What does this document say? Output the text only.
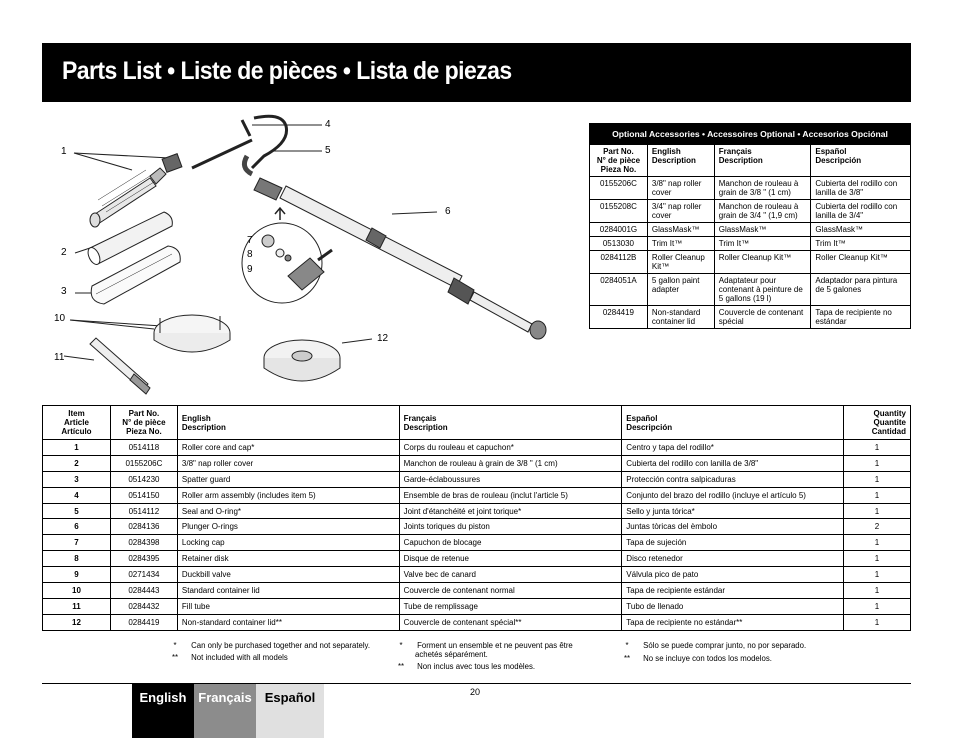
Parts List • Liste de pièces • Lista de piezas
1
2
3
4
5
6
7
8
9
10
11
12
Optional Accessories • Accessoires Optional • Accesorios Opciónal			
Part No.
N° de pièce
Pieza No.	English
Description	Français
Description	Español
Descripción
0155206C	3/8" nap roller cover	Manchon de rouleau à grain de 3/8 " (1 cm)	Cubierta del rodillo con lanilla de 3/8"
0155208C	3/4" nap roller cover	Manchon de rouleau à grain de 3/4 " (1,9 cm)	Cubierta del rodillo con lanilla de 3/4"
0284001G	GlassMask™	GlassMask™	GlassMask™
0513030	Trim It™	Trim It™	Trim It™
0284112B	Roller Cleanup Kit™	Roller Cleanup Kit™	Roller Cleanup Kit™
0284051A	5 gallon paint adapter	Adaptateur pour contenant à peinture de 5 gallons (19 l)	Adaptador para pintura de 5 galones
0284419	Non-standard container lid	Couvercle de contenant spécial	Tapa de recipiente no estándar
Item
Article
Artículo	Part No.
N° de pièce
Pieza No.	English
Description	Français
Description	Español
Descripción	Quantity
Quantite
Cantidad
1	0514118	Roller core and cap*	Corps du rouleau et capuchon*	Centro y tapa del rodillo*	1
2	0155206C	3/8" nap roller cover	Manchon de rouleau à grain de 3/8 " (1 cm)	Cubierta del rodillo con lanilla de 3/8"	1
3	0514230	Spatter guard	Garde-éclaboussures	Protección contra salpicaduras	1
4	0514150	Roller arm assembly (includes item 5)	Ensemble de bras de rouleau (inclut l'article 5)	Conjunto del brazo del rodillo (incluye el artículo 5)	1
5	0514112	Seal and O-ring*	Joint d'étanchéité et joint torique*	Sello y junta tórica*	1
6	0284136	Plunger O-rings	Joints toriques du piston	Juntas tòricas del èmbolo	2
7	0284398	Locking cap	Capuchon de blocage	Tapa de sujeción	1
8	0284395	Retainer disk	Disque de retenue	Disco retenedor	1
9	0271434	Duckbill valve	Valve bec de canard	Válvula pico de pato	1
10	0284443	Standard container lid	Couvercle de contenant normal	Tapa de recipiente estándar	1
11	0284432	Fill tube	Tube de remplissage	Tubo de llenado	1
12	0284419	Non-standard container lid**	Couvercle de contenant spécial**	Tapa de recipiente no estándar**	1
* Can only be purchased together and not separately.
** Not included with all models
* Forment un ensemble et ne peuvent pas être achetés séparément.
** Non inclus avec tous les modèles.
* Sólo se puede comprar junto, no por separado.
** No se incluye con todos los modelos.
20
English Français Español
